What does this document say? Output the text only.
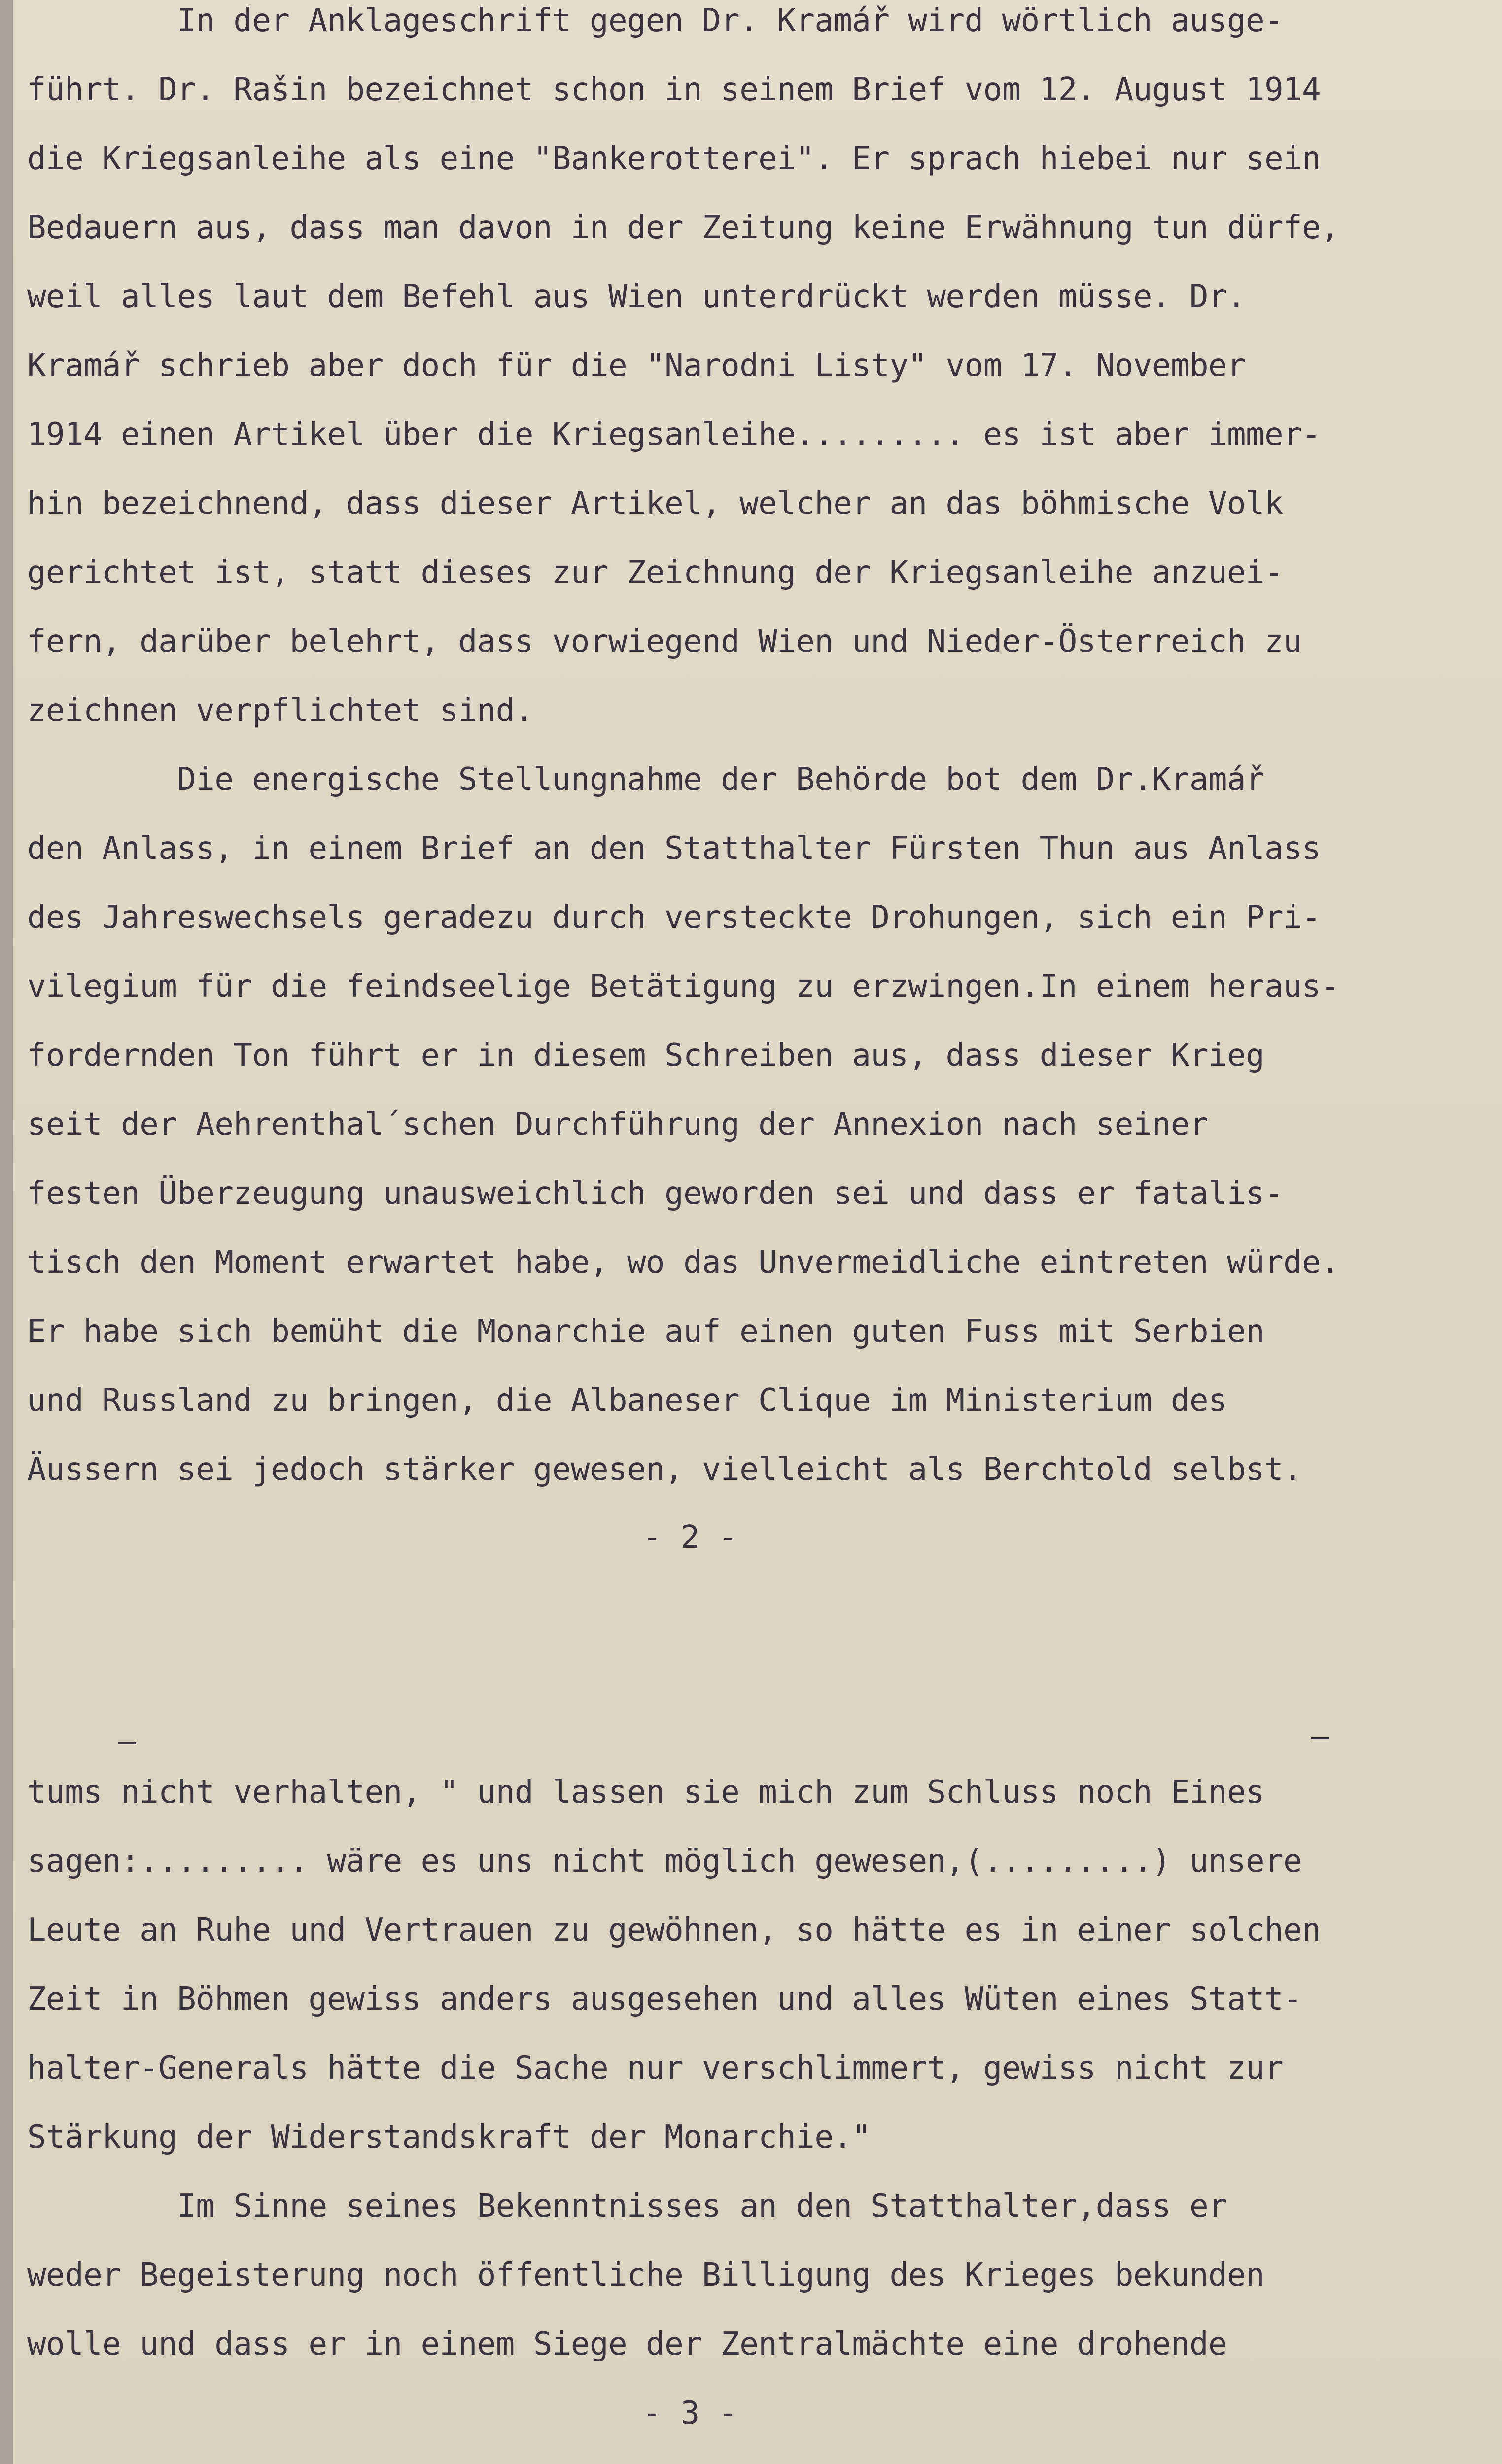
In der Anklageschrift gegen Dr. Kramář wird wörtlich ausge-
führt. Dr. Rašin bezeichnet schon in seinem Brief vom 12. August 1914
die Kriegsanleihe als eine "Bankerotterei". Er sprach hiebei nur sein
Bedauern aus, dass man davon in der Zeitung keine Erwähnung tun dürfe,
weil alles laut dem Befehl aus Wien unterdrückt werden müsse. Dr.
Kramář schrieb aber doch für die "Narodni Listy" vom 17. November
1914 einen Artikel über die Kriegsanleihe......... es ist aber immer-
hin bezeichnend, dass dieser Artikel, welcher an das böhmische Volk
gerichtet ist, statt dieses zur Zeichnung der Kriegsanleihe anzuei-
fern, darüber belehrt, dass vorwiegend Wien und Nieder-Österreich zu
zeichnen verpflichtet sind.
Die energische Stellungnahme der Behörde bot dem Dr.Kramář
den Anlass, in einem Brief an den Statthalter Fürsten Thun aus Anlass
des Jahreswechsels geradezu durch versteckte Drohungen, sich ein Pri-
vilegium für die feindseelige Betätigung zu erzwingen.In einem heraus-
fordernden Ton führt er in diesem Schreiben aus, dass dieser Krieg
seit der Aehrenthal´schen Durchführung der Annexion nach seiner
festen Überzeugung unausweichlich geworden sei und dass er fatalis-
tisch den Moment erwartet habe, wo das Unvermeidliche eintreten würde.
Er habe sich bemüht die Monarchie auf einen guten Fuss mit Serbien
und Russland zu bringen, die Albaneser Clique im Ministerium des
Äussern sei jedoch stärker gewesen, vielleicht als Berchtold selbst.
- 2 -
tums nicht verhalten, " und lassen sie mich zum Schluss noch Eines
sagen:......... wäre es uns nicht möglich gewesen,(.........) unsere
Leute an Ruhe und Vertrauen zu gewöhnen, so hätte es in einer solchen
Zeit in Böhmen gewiss anders ausgesehen und alles Wüten eines Statt-
halter-Generals hätte die Sache nur verschlimmert, gewiss nicht zur
Stärkung der Widerstandskraft der Monarchie."
Im Sinne seines Bekenntnisses an den Statthalter,dass er
weder Begeisterung noch öffentliche Billigung des Krieges bekunden
wolle und dass er in einem Siege der Zentralmächte eine drohende
- 3 -
